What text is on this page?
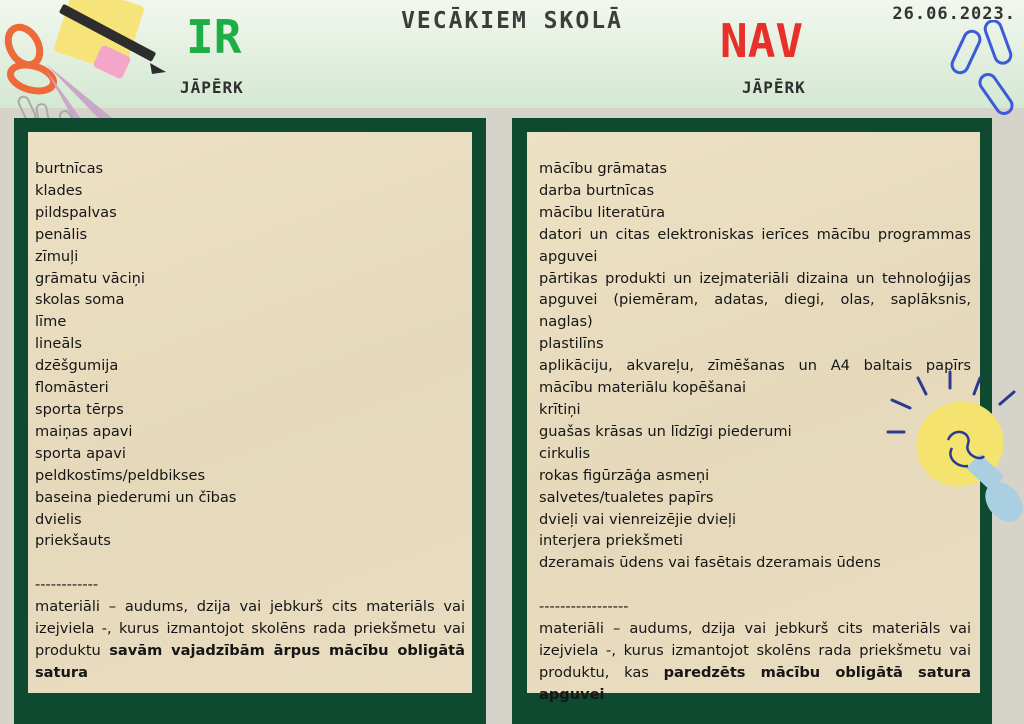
VECĀKIEM SKOLĀ	26.06.2023.
IR
JĀPĒRK
NAV
JĀPĒRK
burtnīcas
klades
pildspalvas
penālis
zīmuļi
grāmatu vāciņi
skolas soma
līme
lineāls
dzēšgumija
flomāsteri
sporta tērps
maiņas apavi
sporta apavi
peldkostīms/peldbikses
baseina piederumi un čības
dvielis
priekšauts
------------
materiāli – audums, dzija vai jebkurš cits materiāls vai izejviela -, kurus izmantojot skolēns rada priekšmetu vai produktu savām vajadzībām ārpus mācību obligātā satura
mācību grāmatas
darba burtnīcas
mācību literatūra
datori un citas elektroniskas ierīces mācību programmas apguvei
pārtikas produkti un izejmateriāli dizaina un tehnoloģijas apguvei (piemēram, adatas, diegi, olas, saplāksnis, naglas)
plastilīns
aplikāciju, akvareļu, zīmēšanas un A4 baltais papīrs mācību materiālu kopēšanai
krītiņi
guašas krāsas un līdzīgi piederumi
cirkulis
rokas figūrzāģa asmeņi
salvetes/tualetes papīrs
dvieļi vai vienreizējie dvieļi
interjera priekšmeti
dzeramais ūdens vai fasētais dzeramais ūdens
-----------------
materiāli – audums, dzija vai jebkurš cits materiāls vai izejviela -, kurus izmantojot skolēns rada priekšmetu vai produktu, kas paredzēts mācību obligātā satura apguvei
